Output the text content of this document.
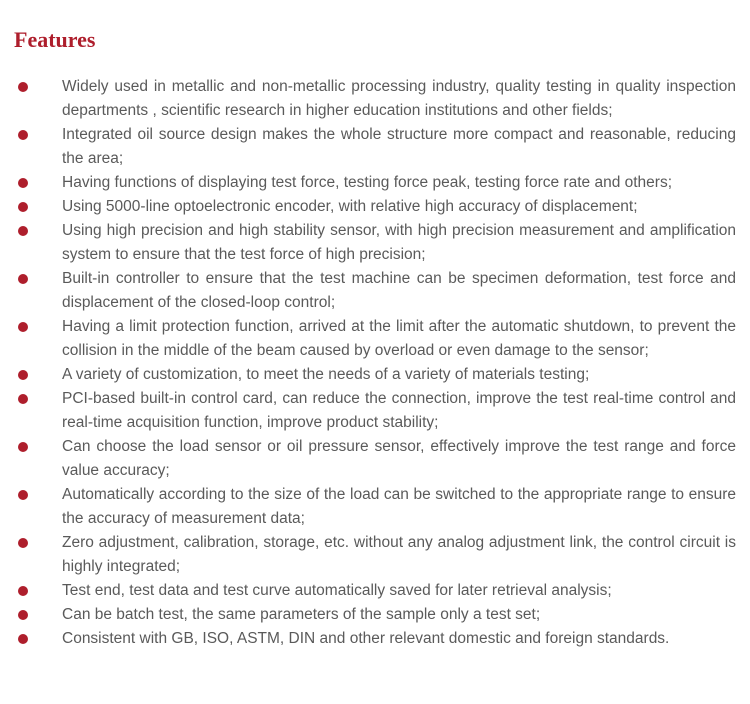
Features
Widely used in metallic and non-metallic processing industry, quality testing in quality inspection departments , scientific research in higher education institutions and other fields;
Integrated oil source design makes the whole structure more compact and reasonable, reducing the area;
Having functions of displaying test force, testing force peak, testing force rate and others;
Using 5000-line optoelectronic encoder, with relative high accuracy of displacement;
Using high precision and high stability sensor, with high precision measurement and amplification system to ensure that the test force of high precision;
Built-in controller to ensure that the test machine can be specimen deformation, test force and displacement of the closed-loop control;
Having a limit protection function, arrived at the limit after the automatic shutdown, to prevent the collision in the middle of the beam caused by overload or even damage to the sensor;
A variety of customization, to meet the needs of a variety of materials testing;
PCI-based built-in control card, can reduce the connection, improve the test real-time control and real-time acquisition function, improve product stability;
Can choose the load sensor or oil pressure sensor, effectively improve the test range and force value accuracy;
Automatically according to the size of the load can be switched to the appropriate range to ensure the accuracy of measurement data;
Zero adjustment, calibration, storage, etc. without any analog adjustment link, the control circuit is highly integrated;
Test end, test data and test curve automatically saved for later retrieval analysis;
Can be batch test, the same parameters of the sample only a test set;
Consistent with GB, ISO, ASTM, DIN and other relevant domestic and foreign standards.
